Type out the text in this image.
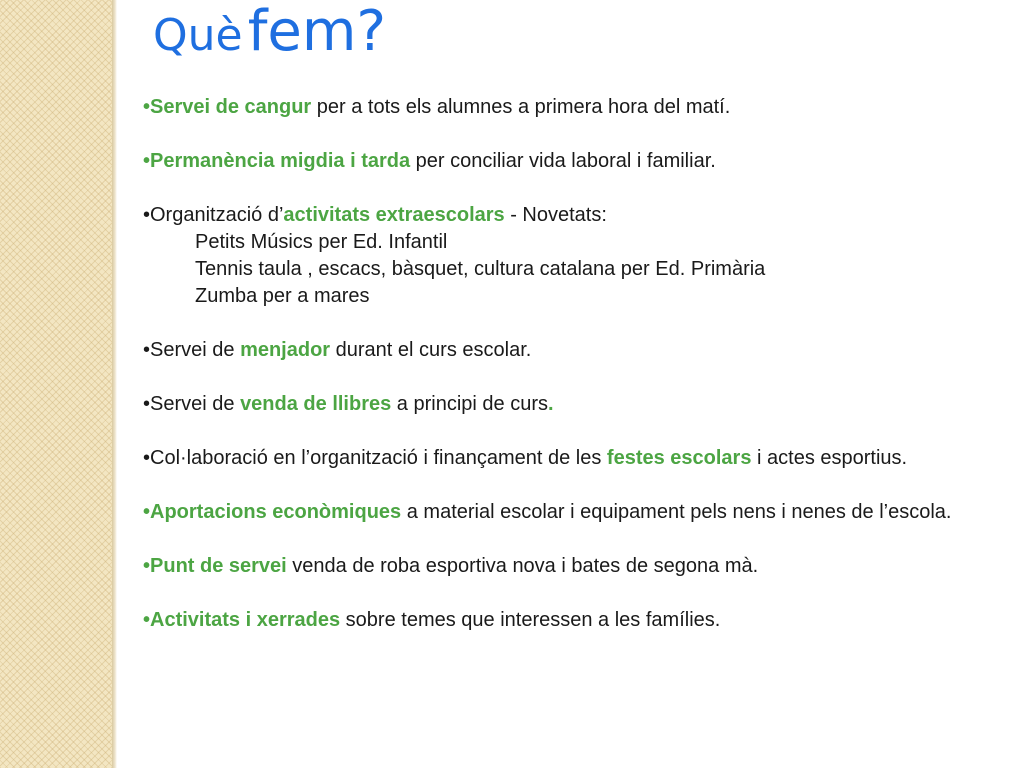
Què fem?

•Servei de cangur per a tots els alumnes a primera hora del matí.

•Permanència migdia i tarda per conciliar vida laboral i familiar.

•Organització d’activitats extraescolars - Novetats:
Petits Músics per Ed. Infantil
Tennis taula , escacs, bàsquet, cultura catalana per Ed. Primària
Zumba per a mares

•Servei de menjador durant el curs escolar.

•Servei de venda de llibres a principi de curs.

•Col·laboració en l’organització i finançament de les festes escolars i actes esportius.

•Aportacions econòmiques a material escolar i equipament pels nens i nenes de l’escola.

•Punt de servei venda de roba esportiva nova i bates de segona mà.

•Activitats i xerrades sobre temes que interessen a les famílies.
